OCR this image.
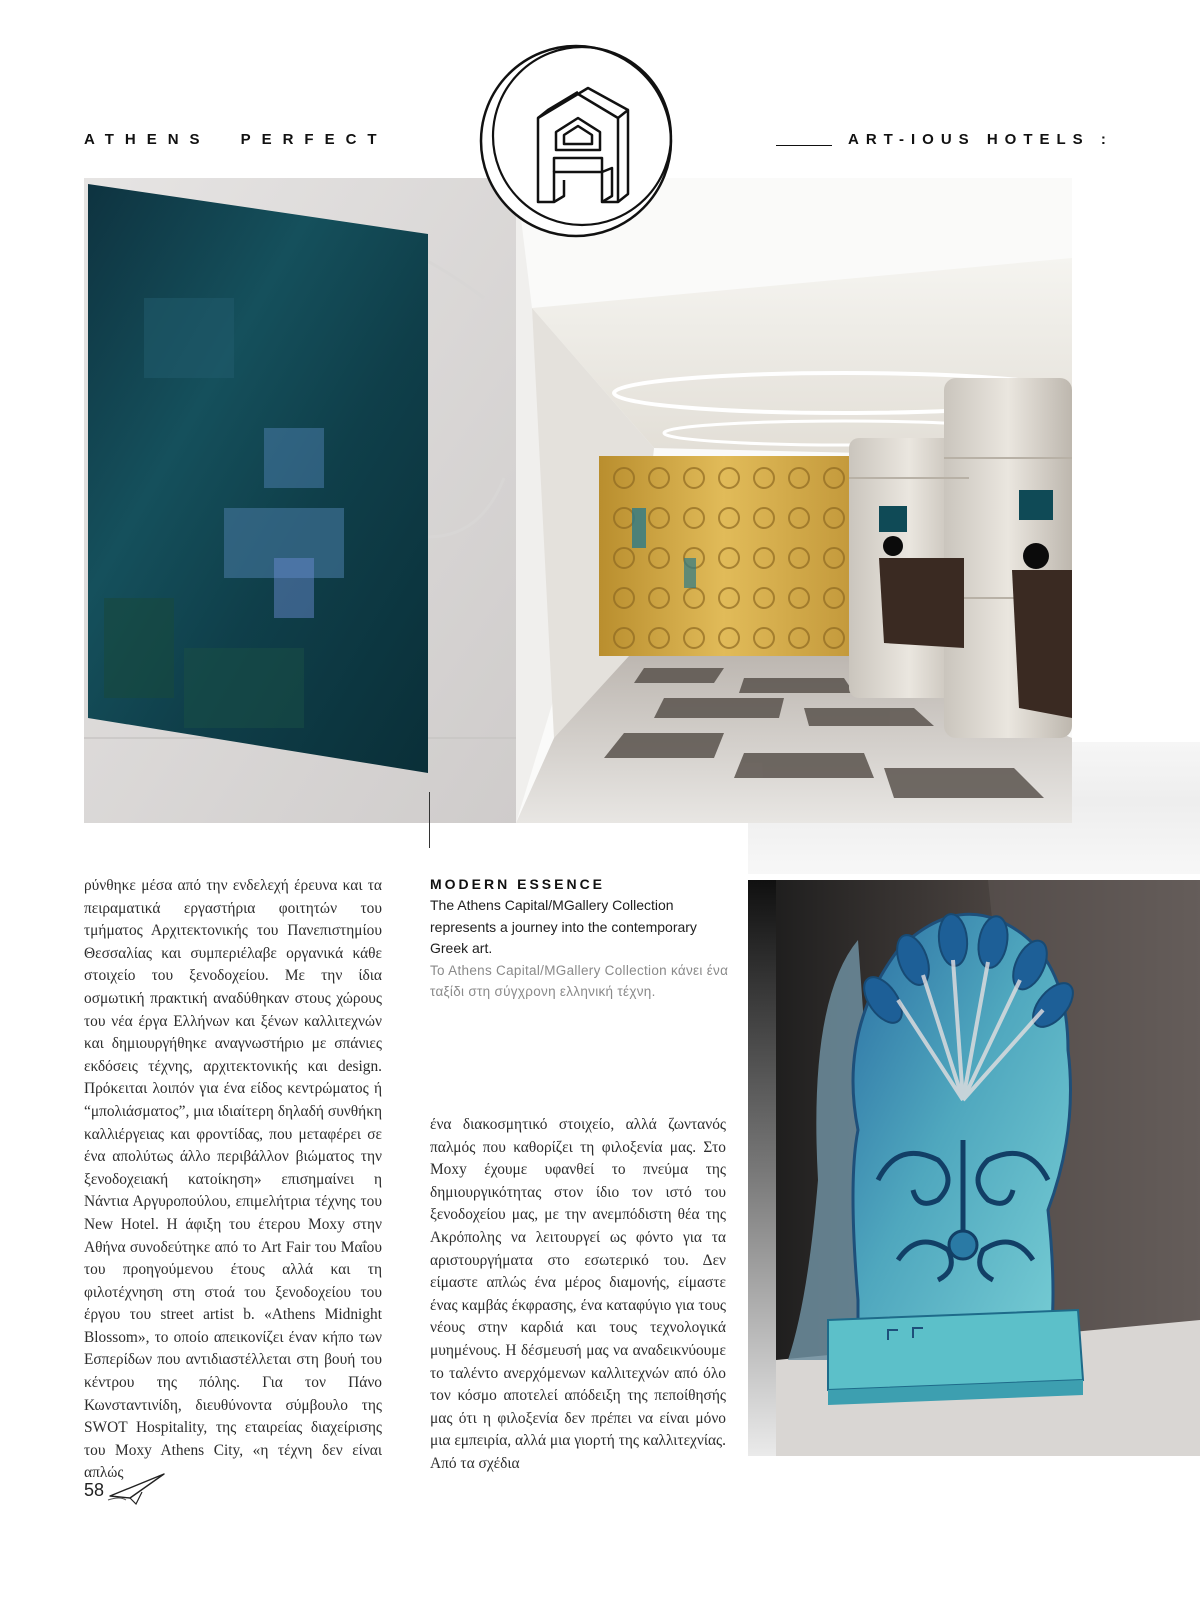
ATHENS PERFECT	ART-IOUS HOTELS :

MODERN ESSENCE

The Athens Capital/MGallery Collection represents a journey into the contemporary Greek art.

To Athens Capital/MGallery Collection κάνει ένα ταξίδι στη σύγχρονη ελληνική τέχνη.

ρύνθηκε μέσα από την ενδελεχή έρευνα και τα πειραματικά εργαστήρια φοιτητών του τμήματος Αρχιτεκτονικής του Πανεπιστημίου Θεσσαλίας και συμπεριέλαβε οργανικά κάθε στοιχείο του ξενοδοχείου. Με την ίδια οσμωτική πρακτική αναδύθηκαν στους χώρους του νέα έργα Ελλήνων και ξένων καλλιτεχνών και δημιουργήθηκε αναγνωστήριο με σπάνιες εκδόσεις τέχνης, αρχιτεκτονικής και design. Πρόκειται λοιπόν για ένα είδος κεντρώματος ή “μπολιάσματος”, μια ιδιαίτερη δηλαδή συνθήκη καλλιέργειας και φροντίδας, που μεταφέρει σε ένα απολύτως άλλο περιβάλλον βιώματος την ξενοδοχειακή κατοίκηση» επισημαίνει η Νάντια Αργυροπούλου, επιμελήτρια τέχνης του New Hotel. Η άφιξη του έτερου Moxy στην Αθήνα συνοδεύτηκε από το Art Fair του Μαΐου του προηγούμενου έτους αλλά και τη φιλοτέχνηση στη στοά του ξενοδοχείου του έργου του street artist b. «Athens Midnight Blossom», το οποίο απεικονίζει έναν κήπο των Εσπερίδων που αντιδιαστέλλεται στη βουή του κέντρου της πόλης. Για τον Πάνο Κωνσταντινίδη, διευθύνοντα σύμβουλο της SWOT Hospitality, της εταιρείας διαχείρισης του Moxy Athens City, «η τέχνη δεν είναι απλώς

ένα διακοσμητικό στοιχείο, αλλά ζωντανός παλμός που καθορίζει τη φιλοξενία μας. Στο Moxy έχουμε υφανθεί το πνεύμα της δημιουργικότητας στον ίδιο τον ιστό του ξενοδοχείου μας, με την ανεμπόδιστη θέα της Ακρόπολης να λειτουργεί ως φόντο για τα αριστουργήματα στο εσωτερικό του. Δεν είμαστε απλώς ένα μέρος διαμονής, είμαστε ένας καμβάς έκφρασης, ένα καταφύγιο για τους νέους στην καρδιά και τους τεχνολογικά μυημένους. Η δέσμευσή μας να αναδεικνύουμε το ταλέντο ανερχόμενων καλλιτεχνών από όλο τον κόσμο αποτελεί απόδειξη της πεποίθησής μας ότι η φιλοξενία δεν πρέπει να είναι μόνο μια εμπειρία, αλλά μια γιορτή της καλλιτεχνίας. Από τα σχέδια

58
